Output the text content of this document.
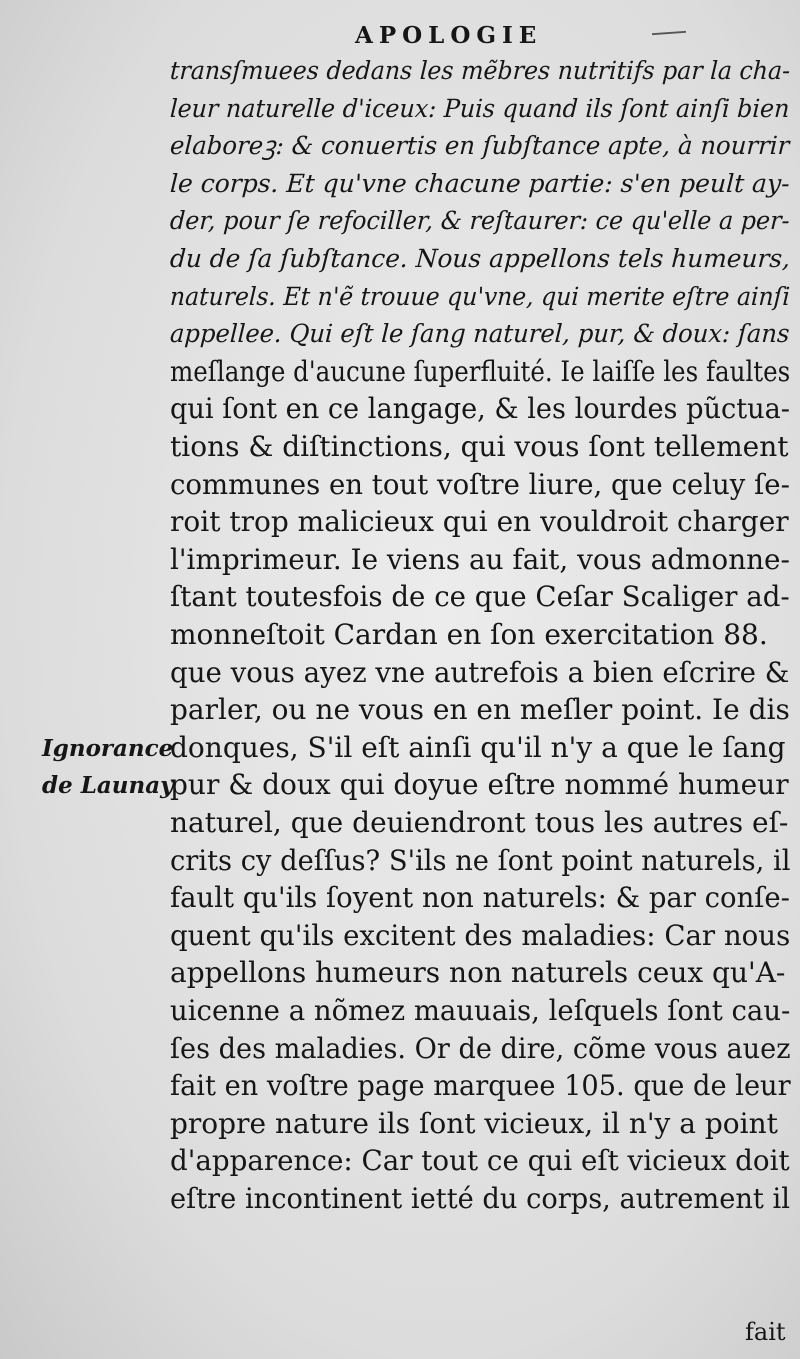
APOLOGIE
transſmuees dedans les mẽbres nutritifs par la cha-
leur naturelle d'iceux: Puis quand ils ſont ainſi bien
elaboreꝫ: & conuertis en ſubſtance apte, à nourrir
le corps. Et qu'vne chacune partie: s'en peult ay-
der, pour ſe refociller, & reſtaurer: ce qu'elle a per-
du de ſa ſubſtance. Nous appellons tels humeurs,
naturels. Et n'ẽ trouue qu'vne, qui merite eſtre ainſi
appellee. Qui eſt le ſang naturel, pur, & doux: ſans
meſlange d'aucune ſuperfluité. Ie laiſſe les faultes
qui ſont en ce langage, & les lourdes pũctua-
tions & diſtinctions, qui vous ſont tellement
communes en tout voſtre liure, que celuy ſe-
roit trop malicieux qui en vouldroit charger
l'imprimeur. Ie viens au fait, vous admonne-
ſtant toutesfois de ce que Ceſar Scaliger ad-
monneſtoit Cardan en ſon exercitation 88.
que vous ayez vne autrefois a bien eſcrire &
parler, ou ne vous en en meſler point. Ie dis
donques, S'il eſt ainſi qu'il n'y a que le ſang
pur & doux qui doyue eſtre nommé humeur
naturel, que deuiendront tous les autres eſ-
crits cy deſſus? S'ils ne ſont point naturels, il
fault qu'ils ſoyent non naturels: & par conſe-
quent qu'ils excitent des maladies: Car nous
appellons humeurs non naturels ceux qu'A-
uicenne a nõmez mauuais, leſquels ſont cau-
ſes des maladies. Or de dire, cõme vous auez
fait en voſtre page marquee 105. que de leur
propre nature ils ſont vicieux, il n'y a point
d'apparence: Car tout ce qui eſt vicieux doit
eſtre incontinent ietté du corps, autrement il
Ignorance
de Launay
fait
